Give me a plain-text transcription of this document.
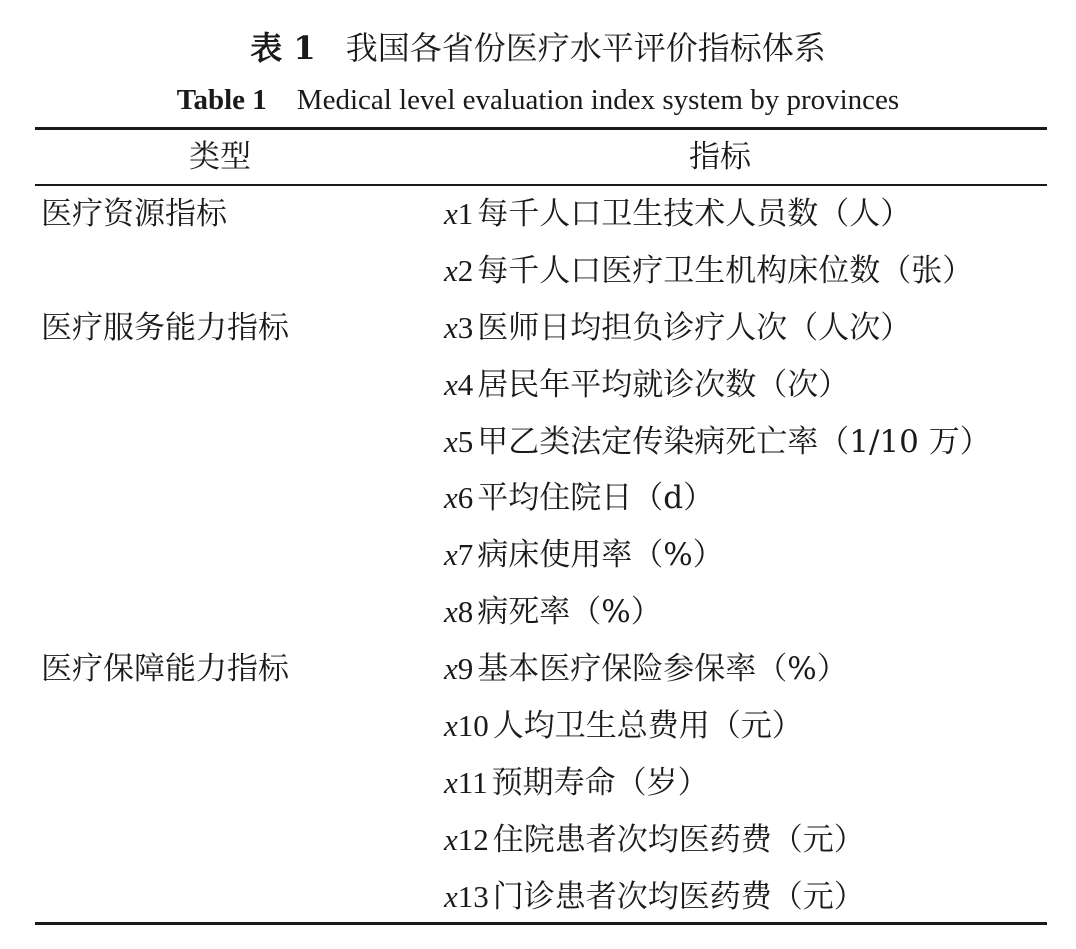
表 1 我国各省份医疗水平评价指标体系
Table 1 Medical level evaluation index system by provinces
类型	指标
医疗资源指标	x1 每千人口卫生技术人员数（人）
x2 每千人口医疗卫生机构床位数（张）
医疗服务能力指标	x3 医师日均担负诊疗人次（人次）
x4 居民年平均就诊次数（次）
x5 甲乙类法定传染病死亡率（1/10 万）
x6 平均住院日（d）
x7 病床使用率（%）
x8 病死率（%）
医疗保障能力指标	x9 基本医疗保险参保率（%）
x10 人均卫生总费用（元）
x11 预期寿命（岁）
x12 住院患者次均医药费（元）
x13 门诊患者次均医药费（元）
